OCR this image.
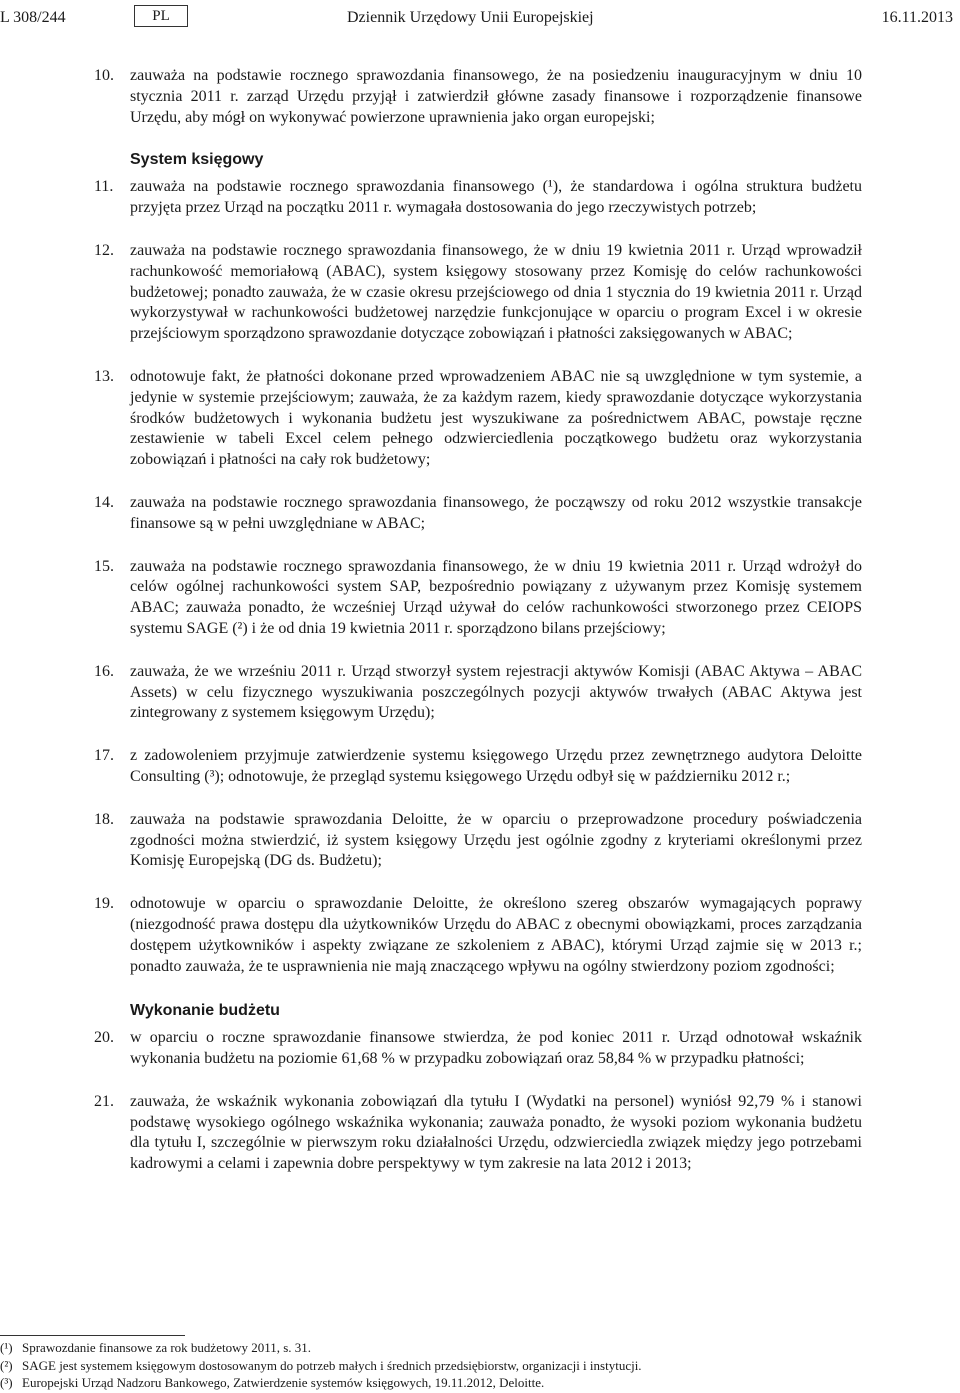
L 308/244	PL	Dziennik Urzędowy Unii Europejskiej	16.11.2013
10. zauważa na podstawie rocznego sprawozdania finansowego, że na posiedzeniu inauguracyjnym w dniu 10 stycznia 2011 r. zarząd Urzędu przyjął i zatwierdził główne zasady finansowe i rozporządzenie finansowe Urzędu, aby mógł on wykonywać powierzone uprawnienia jako organ europejski;
System księgowy
11. zauważa na podstawie rocznego sprawozdania finansowego (¹), że standardowa i ogólna struktura budżetu przyjęta przez Urząd na początku 2011 r. wymagała dostosowania do jego rzeczywistych potrzeb;
12. zauważa na podstawie rocznego sprawozdania finansowego, że w dniu 19 kwietnia 2011 r. Urząd wprowadził rachunkowość memoriałową (ABAC), system księgowy stosowany przez Komisję do celów rachunkowości budżetowej; ponadto zauważa, że w czasie okresu przejściowego od dnia 1 stycznia do 19 kwietnia 2011 r. Urząd wykorzystywał w rachunkowości budżetowej narzędzie funkcjonujące w oparciu o program Excel i w okresie przejściowym sporządzono sprawozdanie dotyczące zobowiązań i płatności zaksięgowanych w ABAC;
13. odnotowuje fakt, że płatności dokonane przed wprowadzeniem ABAC nie są uwzględnione w tym systemie, a jedynie w systemie przejściowym; zauważa, że za każdym razem, kiedy sprawozdanie dotyczące wykorzystania środków budżetowych i wykonania budżetu jest wyszukiwane za pośrednictwem ABAC, powstaje ręczne zestawienie w tabeli Excel celem pełnego odzwierciedlenia początkowego budżetu oraz wykorzystania zobowiązań i płatności na cały rok budżetowy;
14. zauważa na podstawie rocznego sprawozdania finansowego, że począwszy od roku 2012 wszystkie transakcje finansowe są w pełni uwzględniane w ABAC;
15. zauważa na podstawie rocznego sprawozdania finansowego, że w dniu 19 kwietnia 2011 r. Urząd wdrożył do celów ogólnej rachunkowości system SAP, bezpośrednio powiązany z używanym przez Komisję systemem ABAC; zauważa ponadto, że wcześniej Urząd używał do celów rachunkowości stworzonego przez CEIOPS systemu SAGE (²) i że od dnia 19 kwietnia 2011 r. sporządzono bilans przejściowy;
16. zauważa, że we wrześniu 2011 r. Urząd stworzył system rejestracji aktywów Komisji (ABAC Aktywa – ABAC Assets) w celu fizycznego wyszukiwania poszczególnych pozycji aktywów trwałych (ABAC Aktywa jest zintegrowany z systemem księgowym Urzędu);
17. z zadowoleniem przyjmuje zatwierdzenie systemu księgowego Urzędu przez zewnętrznego audytora Deloitte Consulting (³); odnotowuje, że przegląd systemu księgowego Urzędu odbył się w październiku 2012 r.;
18. zauważa na podstawie sprawozdania Deloitte, że w oparciu o przeprowadzone procedury poświadczenia zgodności można stwierdzić, iż system księgowy Urzędu jest ogólnie zgodny z kryteriami określonymi przez Komisję Europejską (DG ds. Budżetu);
19. odnotowuje w oparciu o sprawozdanie Deloitte, że określono szereg obszarów wymagających poprawy (niezgodność prawa dostępu dla użytkowników Urzędu do ABAC z obecnymi obowiązkami, proces zarządzania dostępem użytkowników i aspekty związane ze szkoleniem z ABAC), którymi Urząd zajmie się w 2013 r.; ponadto zauważa, że te usprawnienia nie mają znaczącego wpływu na ogólny stwierdzony poziom zgodności;
Wykonanie budżetu
20. w oparciu o roczne sprawozdanie finansowe stwierdza, że pod koniec 2011 r. Urząd odnotował wskaźnik wykonania budżetu na poziomie 61,68 % w przypadku zobowiązań oraz 58,84 % w przypadku płatności;
21. zauważa, że wskaźnik wykonania zobowiązań dla tytułu I (Wydatki na personel) wyniósł 92,79 % i stanowi podstawę wysokiego ogólnego wskaźnika wykonania; zauważa ponadto, że wysoki poziom wykonania budżetu dla tytułu I, szczególnie w pierwszym roku działalności Urzędu, odzwierciedla związek między jego potrzebami kadrowymi a celami i zapewnia dobre perspektywy w tym zakresie na lata 2012 i 2013;
(¹) Sprawozdanie finansowe za rok budżetowy 2011, s. 31.
(²) SAGE jest systemem księgowym dostosowanym do potrzeb małych i średnich przedsiębiorstw, organizacji i instytucji.
(³) Europejski Urząd Nadzoru Bankowego, Zatwierdzenie systemów księgowych, 19.11.2012, Deloitte.
